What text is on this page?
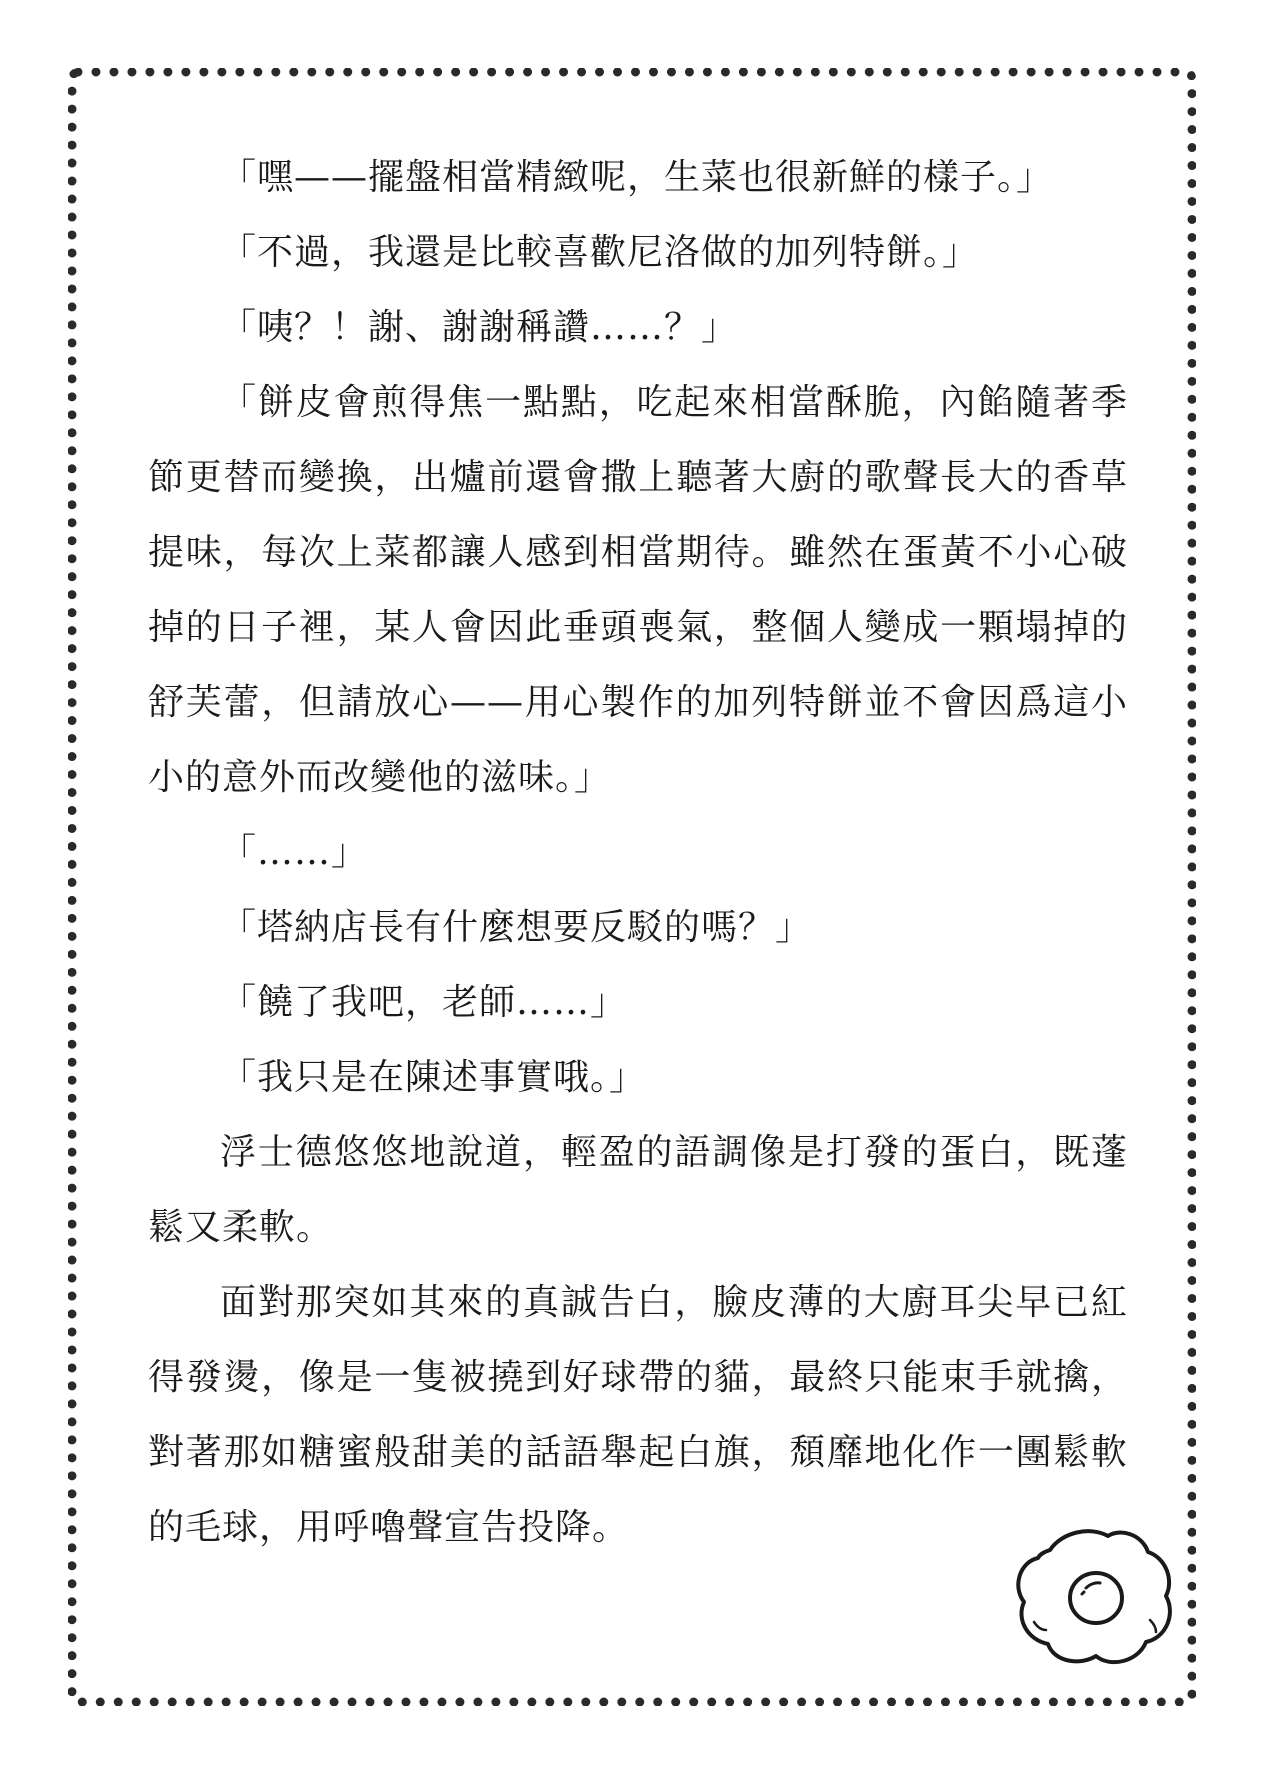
「嘿——擺盤相當精緻呢，生菜也很新鮮的樣子。」

「不過，我還是比較喜歡尼洛做的加列特餅。」

「咦？！謝、謝謝稱讚……？」

「餅皮會煎得焦一點點，吃起來相當酥脆，內餡隨著季節更替而變換，出爐前還會撒上聽著大廚的歌聲長大的香草提味，每次上菜都讓人感到相當期待。雖然在蛋黃不小心破掉的日子裡，某人會因此垂頭喪氣，整個人變成一顆塌掉的舒芙蕾，但請放心——用心製作的加列特餅並不會因爲這小小的意外而改變他的滋味。」

「……」

「塔納店長有什麼想要反駁的嗎？」

「饒了我吧，老師……」

「我只是在陳述事實哦。」

浮士德悠悠地說道，輕盈的語調像是打發的蛋白，既蓬鬆又柔軟。

面對那突如其來的真誠告白，臉皮薄的大廚耳尖早已紅得發燙，像是一隻被撓到好球帶的貓，最終只能束手就擒，對著那如糖蜜般甜美的話語舉起白旗，頹靡地化作一團鬆軟的毛球，用呼嚕聲宣告投降。
